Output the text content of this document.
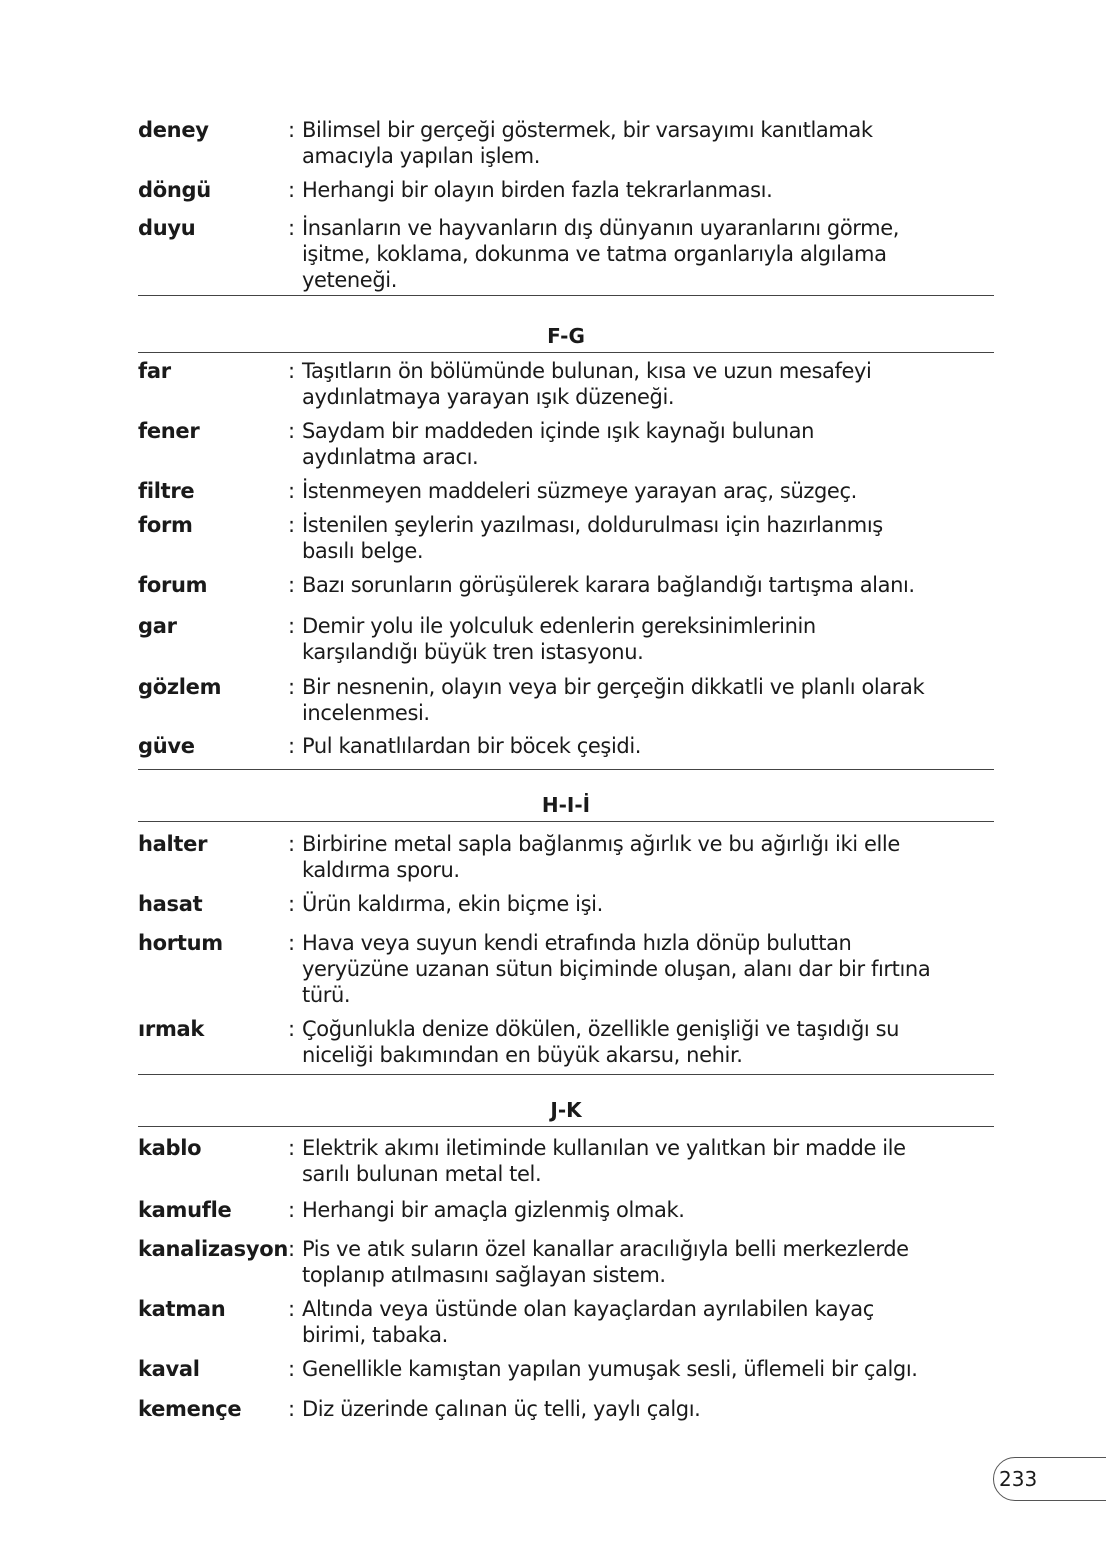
deney	: Bilimsel bir gerçeği göstermek, bir varsayımı kanıtlamak
amacıyla yapılan işlem.
döngü	: Herhangi bir olayın birden fazla tekrarlanması.
duyu	: İnsanların ve hayvanların dış dünyanın uyaranlarını görme,
işitme, koklama, dokunma ve tatma organlarıyla algılama
yeteneği.
F-G
far	: Taşıtların ön bölümünde bulunan, kısa ve uzun mesafeyi
aydınlatmaya yarayan ışık düzeneği.
fener	: Saydam bir maddeden içinde ışık kaynağı bulunan
aydınlatma aracı.
filtre	: İstenmeyen maddeleri süzmeye yarayan araç, süzgeç.
form	: İstenilen şeylerin yazılması, doldurulması için hazırlanmış
basılı belge.
forum	: Bazı sorunların görüşülerek karara bağlandığı tartışma alanı.
gar	: Demir yolu ile yolculuk edenlerin gereksinimlerinin
karşılandığı büyük tren istasyonu.
gözlem	: Bir nesnenin, olayın veya bir gerçeğin dikkatli ve planlı olarak
incelenmesi.
güve	: Pul kanatlılardan bir böcek çeşidi.
H-I-İ
halter	: Birbirine metal sapla bağlanmış ağırlık ve bu ağırlığı iki elle
kaldırma sporu.
hasat	: Ürün kaldırma, ekin biçme işi.
hortum	: Hava veya suyun kendi etrafında hızla dönüp buluttan
yeryüzüne uzanan sütun biçiminde oluşan, alanı dar bir fırtına
türü.
ırmak	: Çoğunlukla denize dökülen, özellikle genişliği ve taşıdığı su
niceliği bakımından en büyük akarsu, nehir.
J-K
kablo	: Elektrik akımı iletiminde kullanılan ve yalıtkan bir madde ile
sarılı bulunan metal tel.
kamufle	: Herhangi bir amaçla gizlenmiş olmak.
kanalizasyon : Pis ve atık suların özel kanallar aracılığıyla belli merkezlerde
toplanıp atılmasını sağlayan sistem.
katman	: Altında veya üstünde olan kayaçlardan ayrılabilen kayaç
birimi, tabaka.
kaval	: Genellikle kamıştan yapılan yumuşak sesli, üflemeli bir çalgı.
kemençe : Diz üzerinde çalınan üç telli, yaylı çalgı.
233
